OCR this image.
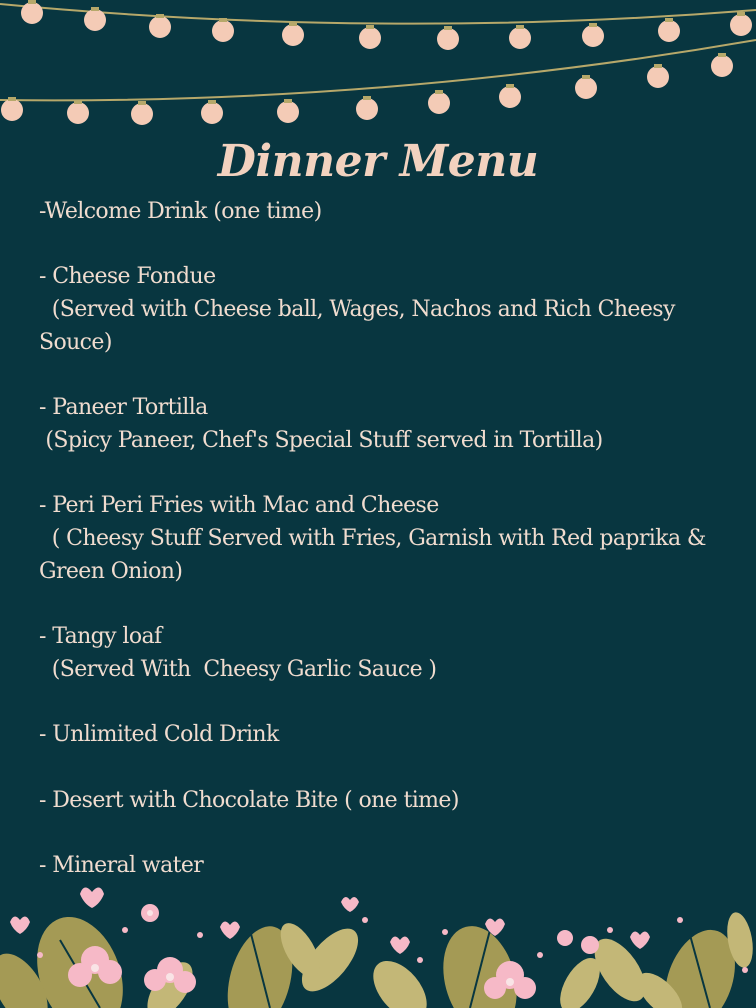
Dinner Menu
-Welcome Drink (one time)
- Cheese Fondue
(Served with Cheese ball, Wages, Nachos and Rich Cheesy Souce)
- Paneer Tortilla
(Spicy Paneer, Chef's Special Stuff served in Tortilla)
- Peri Peri Fries with Mac and Cheese
( Cheesy Stuff Served with Fries, Garnish with Red paprika & Green Onion)
- Tangy loaf
(Served With  Cheesy Garlic Sauce )
- Unlimited Cold Drink
- Desert with Chocolate Bite ( one time)
- Mineral water
